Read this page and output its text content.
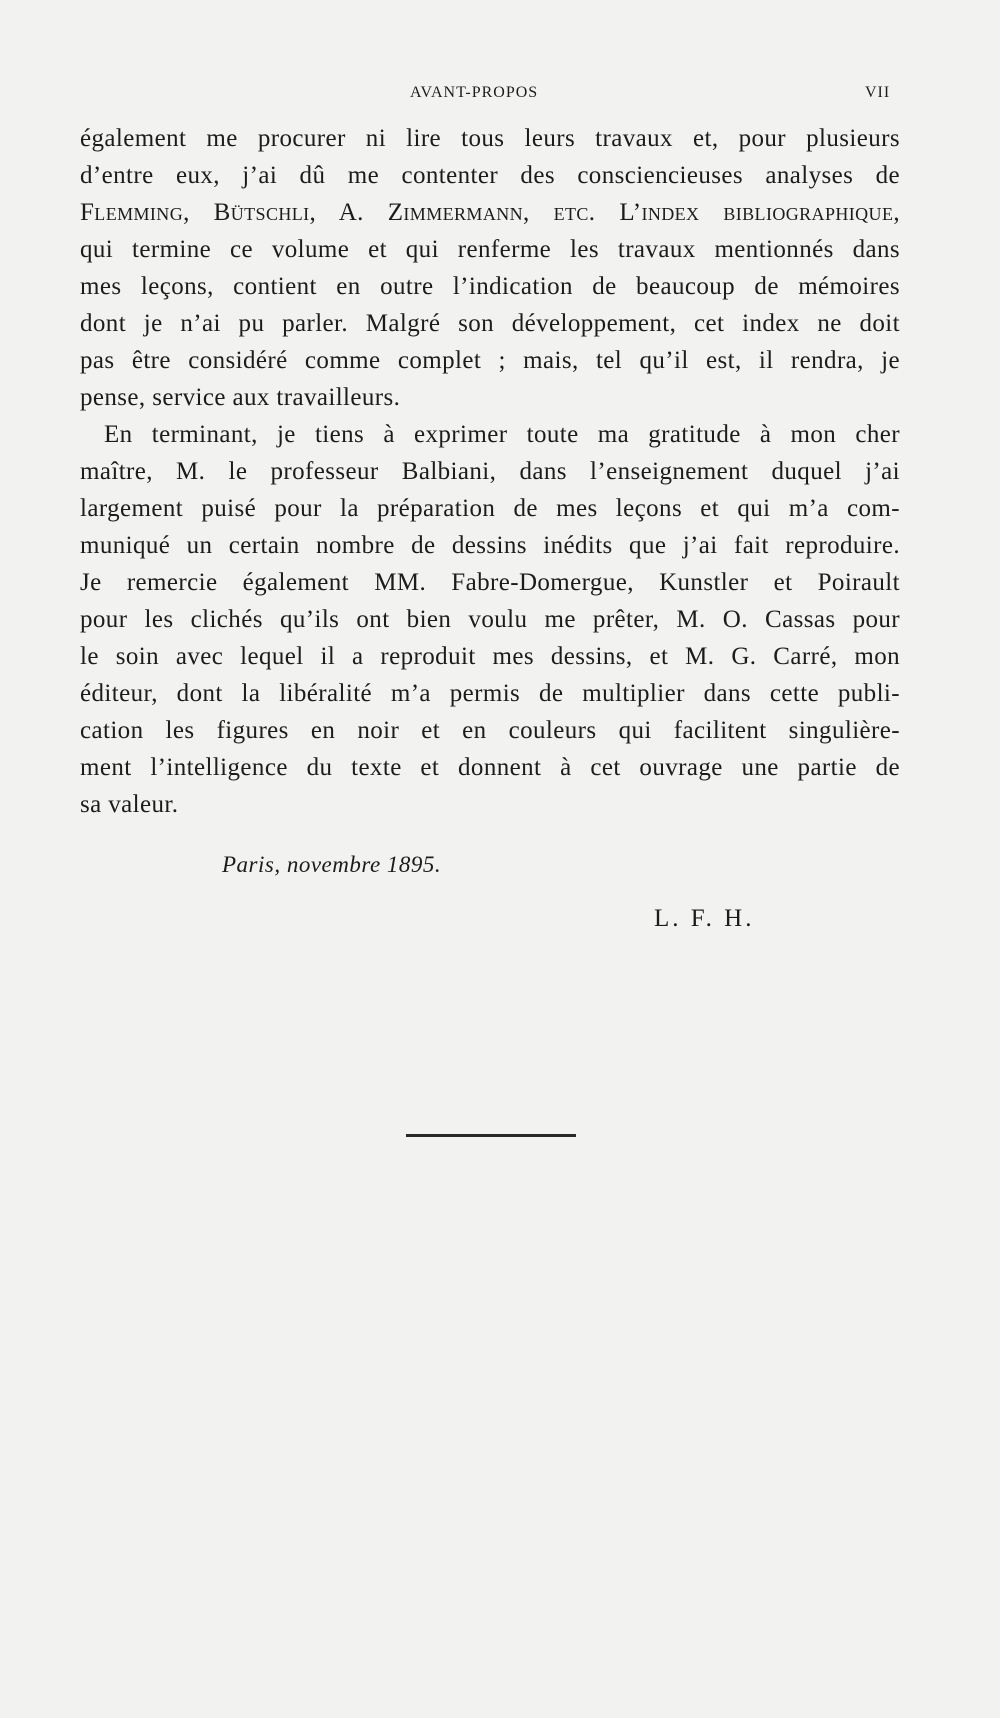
AVANT-PROPOS	VII
également me procurer ni lire tous leurs travaux et, pour plusieurs
d’entre eux, j’ai dû me contenter des consciencieuses analyses de
Flemming, Bütschli, A. Zimmermann, etc. L’index bibliographique,
qui termine ce volume et qui renferme les travaux mentionnés dans
mes leçons, contient en outre l’indication de beaucoup de mémoires
dont je n’ai pu parler. Malgré son développement, cet index ne doit
pas être considéré comme complet ; mais, tel qu’il est, il rendra, je
pense, service aux travailleurs.
En terminant, je tiens à exprimer toute ma gratitude à mon cher
maître, M. le professeur Balbiani, dans l’enseignement duquel j’ai
largement puisé pour la préparation de mes leçons et qui m’a com-
muniqué un certain nombre de dessins inédits que j’ai fait reproduire.
Je remercie également MM. Fabre-Domergue, Kunstler et Poirault
pour les clichés qu’ils ont bien voulu me prêter, M. O. Cassas pour
le soin avec lequel il a reproduit mes dessins, et M. G. Carré, mon
éditeur, dont la libéralité m’a permis de multiplier dans cette publi-
cation les figures en noir et en couleurs qui facilitent singulière-
ment l’intelligence du texte et donnent à cet ouvrage une partie de
sa valeur.
Paris, novembre 1895.
L. F. H.
